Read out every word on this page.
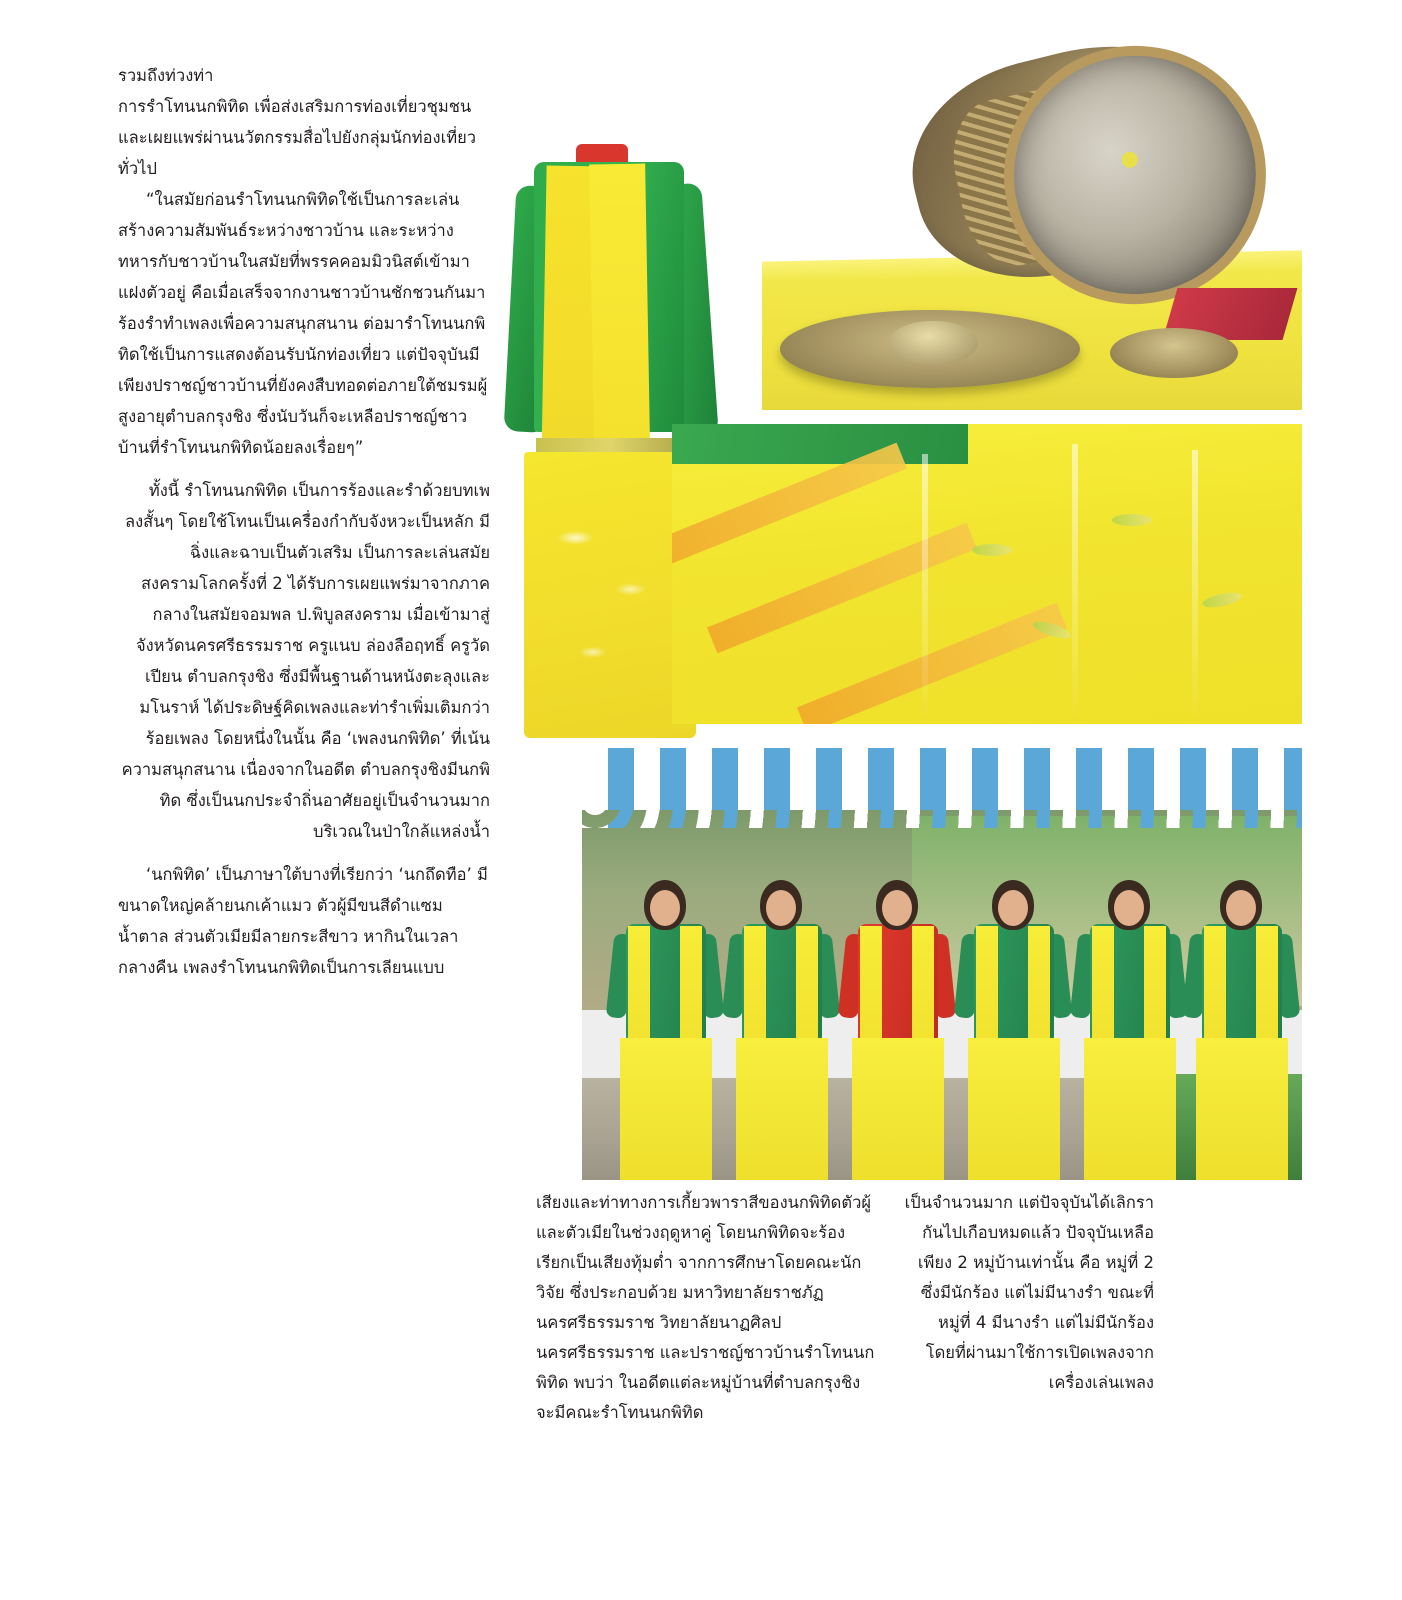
รวมถึงท่วงท่า

การรำโทนนกพิทิด เพื่อส่งเสริมการท่องเที่ยวชุมชนและเผยแพร่ผ่านนวัตกรรมสื่อไปยังกลุ่มนักท่องเที่ยวทั่วไป

“ในสมัยก่อนรำโทนนกพิทิดใช้เป็นการละเล่นสร้างความสัมพันธ์ระหว่างชาวบ้าน และระหว่างทหารกับชาวบ้านในสมัยที่พรรคคอมมิวนิสต์เข้ามาแฝงตัวอยู่ คือเมื่อเสร็จจากงานชาวบ้านชักชวนกันมาร้องรำทำเพลงเพื่อความสนุกสนาน ต่อมารำโทนนกพิทิดใช้เป็นการแสดงต้อนรับนักท่องเที่ยว แต่ปัจจุบันมีเพียงปราชญ์ชาวบ้านที่ยังคงสืบทอดต่อภายใต้ชมรมผู้สูงอายุตำบลกรุงชิง ซึ่งนับวันก็จะเหลือปราชญ์ชาวบ้านที่รำโทนนกพิทิดน้อยลงเรื่อยๆ”

ทั้งนี้ รำโทนนกพิทิด เป็นการร้องและรำด้วยบทเพลงสั้นๆ โดยใช้โทนเป็นเครื่องกำกับจังหวะเป็นหลัก มีฉิ่งและฉาบเป็นตัวเสริม เป็นการละเล่นสมัยสงครามโลกครั้งที่ 2 ได้รับการเผยแพร่มาจากภาคกลางในสมัยจอมพล ป.พิบูลสงคราม เมื่อเข้ามาสู่จังหวัดนครศรีธรรมราช ครูแนบ ล่องลือฤทธิ์ ครูวัดเปียน ตำบลกรุงชิง ซึ่งมีพื้นฐานด้านหนังตะลุงและมโนราห์ ได้ประดิษฐ์คิดเพลงและท่ารำเพิ่มเติมกว่าร้อยเพลง โดยหนึ่งในนั้น คือ ‘เพลงนกพิทิด’ ที่เน้นความสนุกสนาน เนื่องจากในอดีต ตำบลกรุงชิงมีนกพิทิด ซึ่งเป็นนกประจำถิ่นอาศัยอยู่เป็นจำนวนมากบริเวณในป่าใกล้แหล่งน้ำ

‘นกพิทิด’ เป็นภาษาใต้บางที่เรียกว่า ‘นกถึดทือ’ มีขนาดใหญ่คล้ายนกเค้าแมว ตัวผู้มีขนสีดำแซมน้ำตาล ส่วนตัวเมียมีลายกระสีขาว หากินในเวลากลางคืน เพลงรำโทนนกพิทิดเป็นการเลียนแบบ

เสียงและท่าทางการเกี้ยวพาราสีของนกพิทิดตัวผู้และตัวเมียในช่วงฤดูหาคู่ โดยนกพิทิดจะร้องเรียกเป็นเสียงทุ้มต่ำ จากการศึกษาโดยคณะนักวิจัย ซึ่งประกอบด้วย มหาวิทยาลัยราชภัฏนครศรีธรรมราช วิทยาลัยนาฏศิลป นครศรีธรรมราช และปราชญ์ชาวบ้านรำโทนนกพิทิด พบว่า ในอดีตแต่ละหมู่บ้านที่ตำบลกรุงชิงจะมีคณะรำโทนนกพิทิด

เป็นจำนวนมาก แต่ปัจจุบันได้เลิกรากันไปเกือบหมดแล้ว ปัจจุบันเหลือเพียง 2 หมู่บ้านเท่านั้น คือ หมู่ที่ 2 ซึ่งมีนักร้อง แต่ไม่มีนางรำ ขณะที่หมู่ที่ 4 มีนางรำ แต่ไม่มีนักร้อง โดยที่ผ่านมาใช้การเปิดเพลงจากเครื่องเล่นเพลง
